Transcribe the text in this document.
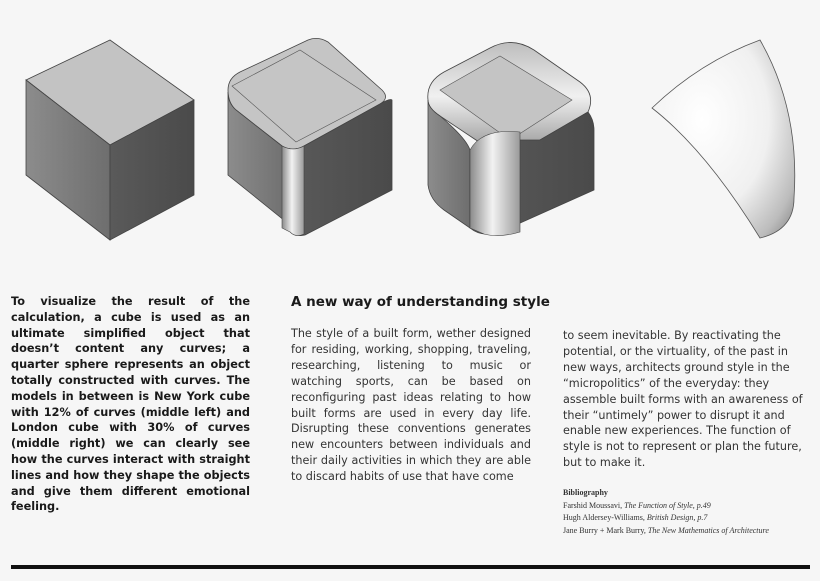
To visualize the result of the calculation, a cube is used as an ultimate simplified object that doesn’t content any curves; a quarter sphere represents an object totally constructed with curves. The models in between is New York cube with 12% of curves (middle left) and London cube with 30% of curves (middle right) we can clearly see how the curves interact with straight lines and how they shape the objects and give them different emotional feeling.
A new way of understanding style
The style of a built form, wether designed for residing, working, shopping, traveling, researching, listening to music or watching sports, can be based on reconfiguring past ideas relating to how built forms are used in every day life. Disrupting these conventions generates new encounters between individuals and their daily activities in which they are able to discard habits of use that have come
to seem inevitable. By reactivating the potential, or the virtuality, of the past in new ways, architects ground style in the “micropolitics” of the everyday: they assemble built forms with an awareness of their “untimely” power to disrupt it and enable new experiences. The function of style is not to represent or plan the future, but to make it.
Bibliography
Farshid Moussavi, The Function of Style, p.49
Hugh Aldersey-Williams, British Design, p.7
Jane Burry + Mark Burry, The New Mathematics of Architecture
